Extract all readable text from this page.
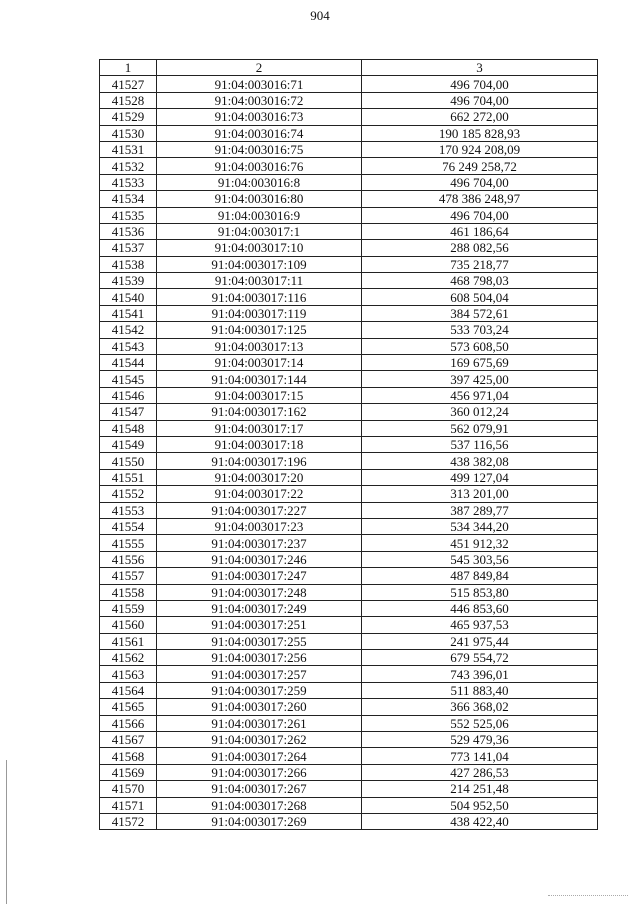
904
1	2	3
41527	91:04:003016:71	496 704,00
41528	91:04:003016:72	496 704,00
41529	91:04:003016:73	662 272,00
41530	91:04:003016:74	190 185 828,93
41531	91:04:003016:75	170 924 208,09
41532	91:04:003016:76	76 249 258,72
41533	91:04:003016:8	496 704,00
41534	91:04:003016:80	478 386 248,97
41535	91:04:003016:9	496 704,00
41536	91:04:003017:1	461 186,64
41537	91:04:003017:10	288 082,56
41538	91:04:003017:109	735 218,77
41539	91:04:003017:11	468 798,03
41540	91:04:003017:116	608 504,04
41541	91:04:003017:119	384 572,61
41542	91:04:003017:125	533 703,24
41543	91:04:003017:13	573 608,50
41544	91:04:003017:14	169 675,69
41545	91:04:003017:144	397 425,00
41546	91:04:003017:15	456 971,04
41547	91:04:003017:162	360 012,24
41548	91:04:003017:17	562 079,91
41549	91:04:003017:18	537 116,56
41550	91:04:003017:196	438 382,08
41551	91:04:003017:20	499 127,04
41552	91:04:003017:22	313 201,00
41553	91:04:003017:227	387 289,77
41554	91:04:003017:23	534 344,20
41555	91:04:003017:237	451 912,32
41556	91:04:003017:246	545 303,56
41557	91:04:003017:247	487 849,84
41558	91:04:003017:248	515 853,80
41559	91:04:003017:249	446 853,60
41560	91:04:003017:251	465 937,53
41561	91:04:003017:255	241 975,44
41562	91:04:003017:256	679 554,72
41563	91:04:003017:257	743 396,01
41564	91:04:003017:259	511 883,40
41565	91:04:003017:260	366 368,02
41566	91:04:003017:261	552 525,06
41567	91:04:003017:262	529 479,36
41568	91:04:003017:264	773 141,04
41569	91:04:003017:266	427 286,53
41570	91:04:003017:267	214 251,48
41571	91:04:003017:268	504 952,50
41572	91:04:003017:269	438 422,40
